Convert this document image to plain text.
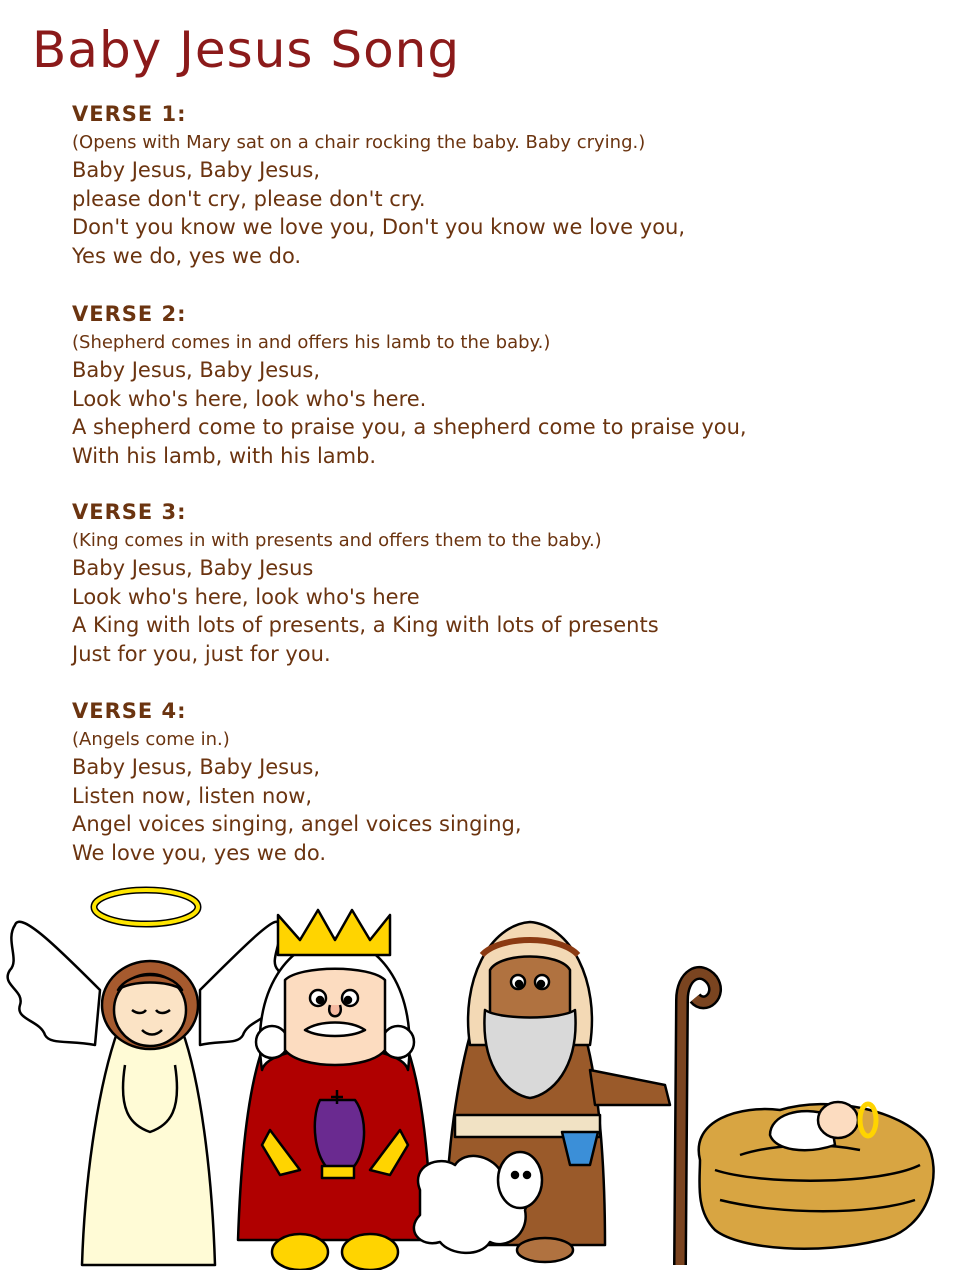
Baby Jesus Song
VERSE 1:
(Opens with Mary sat on a chair rocking the baby. Baby crying.)
Baby Jesus, Baby Jesus,
please don't cry, please don't cry.
Don't you know we love you, Don't you know we love you,
Yes we do, yes we do.
VERSE 2:
(Shepherd comes in and offers his lamb to the baby.)
Baby Jesus, Baby Jesus,
Look who's here, look who's here.
A shepherd come to praise you, a shepherd come to praise you,
With his lamb, with his lamb.
VERSE 3:
(King comes in with presents and offers them to the baby.)
Baby Jesus, Baby Jesus
Look who's here, look who's here
A King with lots of presents, a King with lots of presents
Just for you, just for you.
VERSE 4:
(Angels come in.)
Baby Jesus, Baby Jesus,
Listen now, listen now,
Angel voices singing, angel voices singing,
We love you, yes we do.
